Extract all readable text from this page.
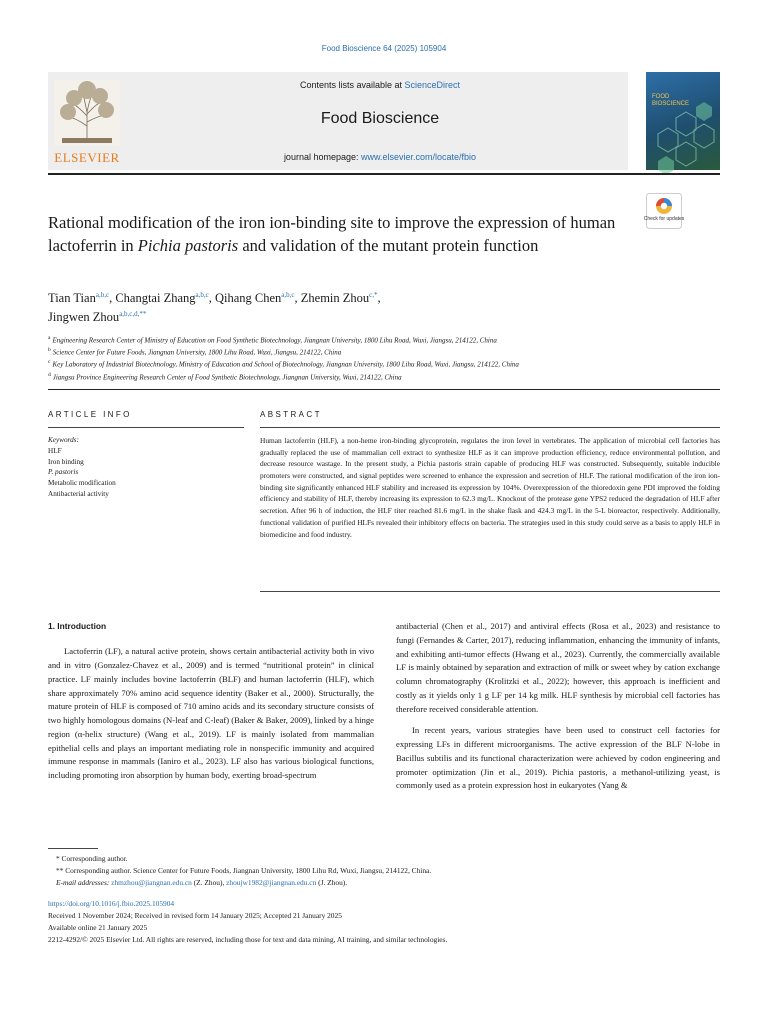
Food Bioscience 64 (2025) 105904
ELSEVIER
Contents lists available at ScienceDirect
Food Bioscience
journal homepage: www.elsevier.com/locate/fbio
FOOD
BIOSCIENCE
Check for updates
Rational modification of the iron ion-binding site to improve the expression of human lactoferrin in Pichia pastoris and validation of the mutant protein function
Tian Tian$^{a,b,c}$, Changtai Zhang$^{a,b,c}$, Qihang Chen$^{a,b,c}$, Zhemin Zhou$^{c,*}$,
Jingwen Zhou$^{a,b,c,d,**}$
$^a$ Engineering Research Center of Ministry of Education on Food Synthetic Biotechnology, Jiangnan University, 1800 Lihu Road, Wuxi, Jiangsu, 214122, China
$^b$ Science Center for Future Foods, Jiangnan University, 1800 Lihu Road, Wuxi, Jiangsu, 214122, China
$^c$ Key Laboratory of Industrial Biotechnology, Ministry of Education and School of Biotechnology, Jiangnan University, 1800 Lihu Road, Wuxi, Jiangsu, 214122, China
$^d$ Jiangsu Province Engineering Research Center of Food Synthetic Biotechnology, Jiangnan University, Wuxi, 214122, China
ARTICLE INFO	ABSTRACT
Keywords:
HLF
Iron binding
P. pastoris
Metabolic modification
Antibacterial activity
Human lactoferrin (HLF), a non-heme iron-binding glycoprotein, regulates the iron level in vertebrates. The application of microbial cell factories has gradually replaced the use of mammalian cell extract to synthesize HLF as it can improve production efficiency, reduce environmental pollution, and decrease resource wastage. In the present study, a Pichia pastoris strain capable of producing HLF was constructed. Subsequently, suitable inducible promoters were constructed, and signal peptides were screened to enhance the expression and secretion of HLF. The rational modification of the iron ion-binding site significantly enhanced HLF stability and increased its expression by 104%. Overexpression of the thioredoxin gene PDI improved the folding efficiency and stability of HLF, thereby increasing its expression to 62.3 mg/L. Knockout of the protease gene YPS2 reduced the degradation of HLF after secretion. After 96 h of induction, the HLF titer reached 81.6 mg/L in the shake flask and 424.3 mg/L in the 5-L bioreactor, respectively. Additionally, functional validation of purified HLFs revealed their inhibitory effects on bacteria. The strategies used in this study could serve as a basis to apply HLF in biomedicine and food industry.
1. Introduction

Lactoferrin (LF), a natural active protein, shows certain antibacterial activity both in vivo and in vitro (Gonzalez-Chavez et al., 2009) and is termed “nutritional protein” in clinical practice. LF mainly includes bovine lactoferrin (BLF) and human lactoferrin (HLF), which share approximately 70% amino acid sequence identity (Baker et al., 2000). Structurally, the mature protein of HLF is composed of 710 amino acids and its secondary structure consists of two highly homologous domains (N-leaf and C-leaf) (Baker & Baker, 2009), linked by a hinge region (α-helix structure) (Wang et al., 2019). LF is mainly isolated from mammalian epithelial cells and plays an important mediating role in nonspecific immunity and acquired immune response in mammals (Ianiro et al., 2023). LF also has various biological functions, including promoting iron absorption by human body, exerting broad-spectrum

antibacterial (Chen et al., 2017) and antiviral effects (Rosa et al., 2023) and resistance to fungi (Fernandes & Carter, 2017), reducing inflammation, enhancing the immunity of infants, and exhibiting anti-tumor effects (Hwang et al., 2023). Currently, the commercially available LF is mainly obtained by separation and extraction of milk or sweet whey by cation exchange column chromatography (Krolitzki et al., 2022); however, this approach is inefficient and costly as it yields only 1 g LF per 14 kg milk. HLF synthesis by microbial cell factories has therefore received considerable attention.

In recent years, various strategies have been used to construct cell factories for expressing LFs in different microorganisms. The active expression of the BLF N-lobe in Bacillus subtilis and its functional characterization were achieved by codon engineering and promoter optimization (Jin et al., 2019). Pichia pastoris, a methanol-utilizing yeast, is commonly used as a protein expression host in eukaryotes (Yang &

* Corresponding author.
** Corresponding author. Science Center for Future Foods, Jiangnan University, 1800 Lihu Rd, Wuxi, Jiangsu, 214122, China.
E-mail addresses: zhmzhou@jiangnan.edu.cn (Z. Zhou), zhoujw1982@jiangnan.edu.cn (J. Zhou).
https://doi.org/10.1016/j.fbio.2025.105904
Received 1 November 2024; Received in revised form 14 January 2025; Accepted 21 January 2025
Available online 21 January 2025
2212-4292/© 2025 Elsevier Ltd. All rights are reserved, including those for text and data mining, AI training, and similar technologies.
